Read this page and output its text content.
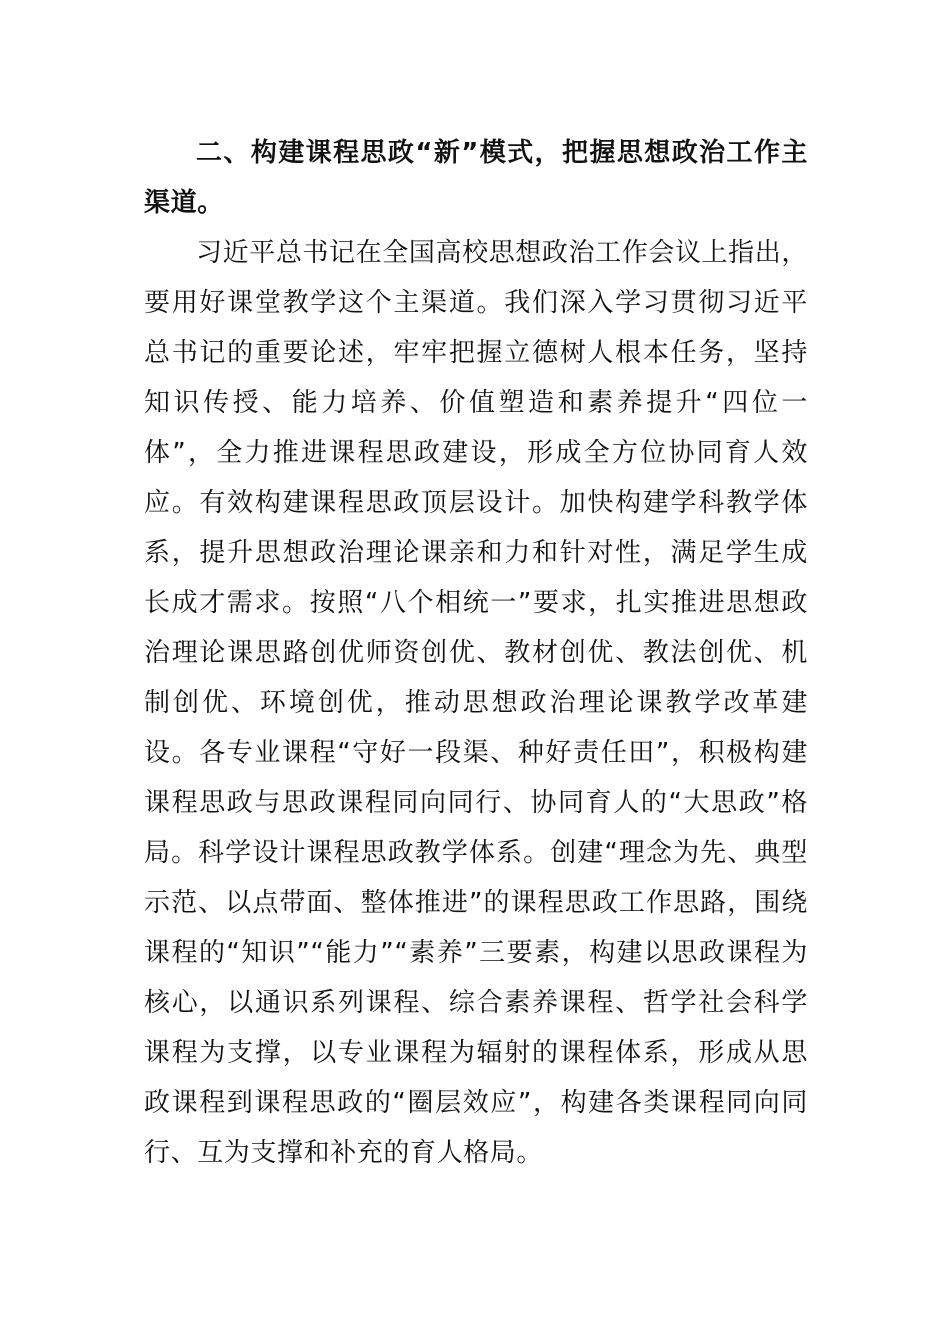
二、构建课程思政“新”模式，把握思想政治工作主渠道。

习近平总书记在全国高校思想政治工作会议上指出，要用好课堂教学这个主渠道。我们深入学习贯彻习近平总书记的重要论述，牢牢把握立德树人根本任务，坚持知识传授、能力培养、价值塑造和素养提升“四位一体”，全力推进课程思政建设，形成全方位协同育人效应。有效构建课程思政顶层设计。加快构建学科教学体系，提升思想政治理论课亲和力和针对性，满足学生成长成才需求。按照“八个相统一”要求，扎实推进思想政治理论课思路创优师资创优、教材创优、教法创优、机制创优、环境创优，推动思想政治理论课教学改革建设。各专业课程“守好一段渠、种好责任田”，积极构建课程思政与思政课程同向同行、协同育人的“大思政”格局。科学设计课程思政教学体系。创建“理念为先、典型示范、以点带面、整体推进”的课程思政工作思路，围绕课程的“知识”“能力”“素养”三要素，构建以思政课程为核心，以通识系列课程、综合素养课程、哲学社会科学课程为支撑，以专业课程为辐射的课程体系，形成从思政课程到课程思政的“圈层效应”，构建各类课程同向同行、互为支撑和补充的育人格局。
